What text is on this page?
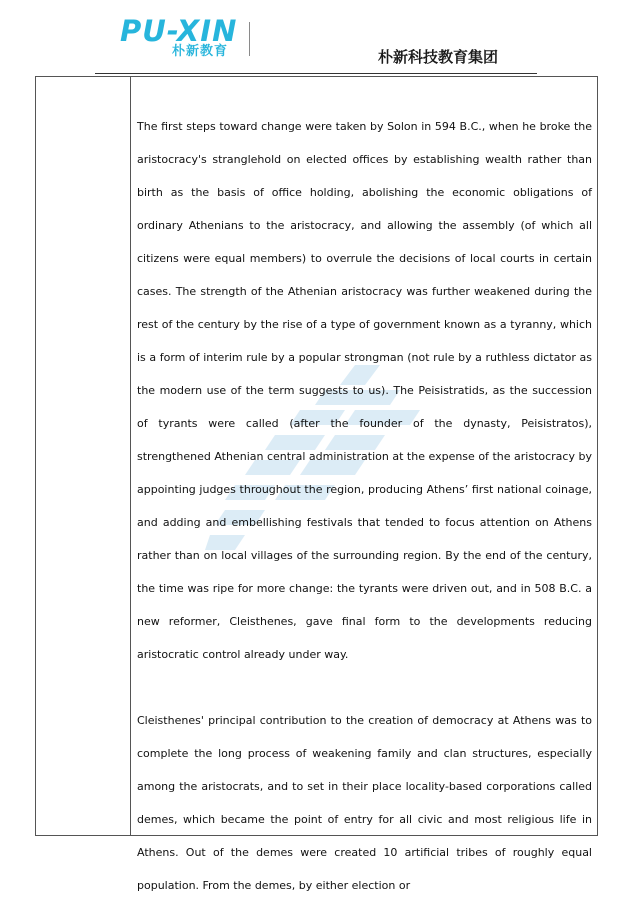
PU-XIN
朴新教育	朴新科技教育集团

The first steps toward change were taken by Solon in 594 B.C., when he broke the aristocracy's stranglehold on elected offices by establishing wealth rather than birth as the basis of office holding, abolishing the economic obligations of ordinary Athenians to the aristocracy, and allowing the assembly (of which all citizens were equal members) to overrule the decisions of local courts in certain cases. The strength of the Athenian aristocracy was further weakened during the rest of the century by the rise of a type of government known as a tyranny, which is a form of interim rule by a popular strongman (not rule by a ruthless dictator as the modern use of the term suggests to us). The Peisistratids, as the succession of tyrants were called (after the founder of the dynasty, Peisistratos), strengthened Athenian central administration at the expense of the aristocracy by appointing judges throughout the region, producing Athens’ first national coinage, and adding and embellishing festivals that tended to focus attention on Athens rather than on local villages of the surrounding region. By the end of the century, the time was ripe for more change: the tyrants were driven out, and in 508 B.C. a new reformer, Cleisthenes, gave final form to the developments reducing aristocratic control already under way.

Cleisthenes' principal contribution to the creation of democracy at Athens was to complete the long process of weakening family and clan structures, especially among the aristocrats, and to set in their place locality-based corporations called demes, which became the point of entry for all civic and most religious life in Athens. Out of the demes were created 10 artificial tribes of roughly equal population. From the demes, by either election or
